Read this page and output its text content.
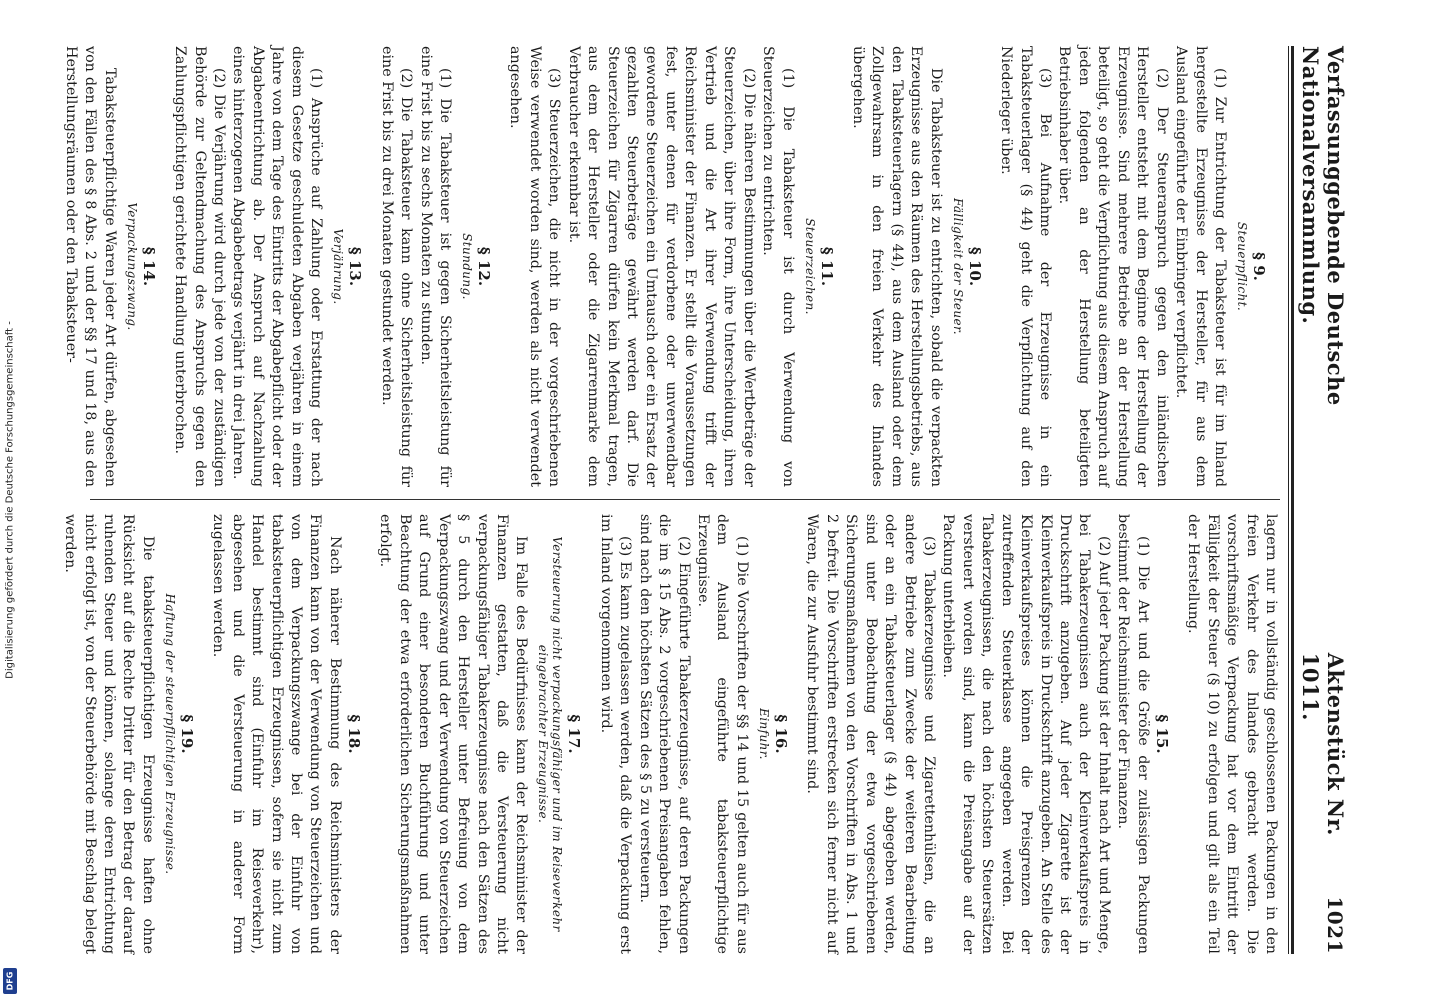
Verfassunggebende Deutsche Nationalversammlung.
Aktenstück Nr. 1011.
1021
§ 9.
Steuerpflicht.

(1) Zur Entrichtung der Tabaksteuer ist für im Inland hergestellte Erzeugnisse der Hersteller, für aus dem Ausland eingeführte der Einbringer verpflichtet.

(2) Der Steueranspruch gegen den inländischen Hersteller entsteht mit dem Beginne der Herstellung der Erzeugnisse. Sind mehrere Betriebe an der Herstellung beteiligt, so geht die Verpflichtung aus diesem Anspruch auf jeden folgenden an der Herstellung beteiligten Betriebsinhaber über.

(3) Bei Aufnahme der Erzeugnisse in ein Tabaksteuerlager (§ 44) geht die Verpflichtung auf den Niederleger über.

§ 10.
Fälligkeit der Steuer.

Die Tabaksteuer ist zu entrichten, sobald die verpackten Erzeugnisse aus den Räumen des Herstellungsbetriebs, aus den Tabaksteuerlagern (§ 44), aus dem Ausland oder dem Zollgewahrsam in den freien Verkehr des Inlandes übergehen.

§ 11.
Steuerzeichen.

(1) Die Tabaksteuer ist durch Verwendung von Steuerzeichen zu entrichten.

(2) Die näheren Bestimmungen über die Wertbeträge der Steuerzeichen, über ihre Form, ihre Unterscheidung, ihren Vertrieb und die Art ihrer Verwendung trifft der Reichsminister der Finanzen. Er stellt die Voraussetzungen fest, unter denen für verdorbene oder unverwendbar gewordene Steuerzeichen ein Umtausch oder ein Ersatz der gezahlten Steuerbeträge gewährt werden darf. Die Steuerzeichen für Zigarren dürfen kein Merkmal tragen, aus dem der Hersteller oder die Zigarrenmarke dem Verbraucher erkennbar ist.

(3) Steuerzeichen, die nicht in der vorgeschriebenen Weise verwendet worden sind, werden als nicht verwendet angesehen.

§ 12.
Stundung.

(1) Die Tabaksteuer ist gegen Sicherheitsleistung für eine Frist bis zu sechs Monaten zu stunden.

(2) Die Tabaksteuer kann ohne Sicherheitsleistung für eine Frist bis zu drei Monaten gestundet werden.

§ 13.
Verjährung.

(1) Ansprüche auf Zahlung oder Erstattung der nach diesem Gesetze geschuldeten Abgaben verjähren in einem Jahre von dem Tage des Eintritts der Abgabepflicht oder der Abgabeentrichtung ab. Der Anspruch auf Nachzahlung eines hinterzogenen Abgabebetrags verjährt in drei Jahren.

(2) Die Verjährung wird durch jede von der zuständigen Behörde zur Geltendmachung des Anspruchs gegen den Zahlungspflichtigen gerichtete Handlung unterbrochen.

§ 14.
Verpackungszwang.

Tabaksteuerpflichtige Waren jeder Art dürfen, abgesehen von den Fällen des § 8 Abs. 2 und der §§ 17 und 18, aus den Herstellungsräumen oder den Tabaksteuer-

lagern nur in vollständig geschlossenen Packungen in den freien Verkehr des Inlandes gebracht werden. Die vorschriftsmäßige Verpackung hat vor dem Eintritt der Fälligkeit der Steuer (§ 10) zu erfolgen und gilt als ein Teil der Herstellung.

§ 15.

(1) Die Art und die Größe der zulässigen Packungen bestimmt der Reichsminister der Finanzen.

(2) Auf jeder Packung ist der Inhalt nach Art und Menge, bei Tabakerzeugnissen auch der Kleinverkaufspreis in Druckschrift anzugeben. Auf jeder Zigarette ist der Kleinverkaufspreis in Druckschrift anzugeben. An Stelle des Kleinverkaufspreises können die Preisgrenzen der zutreffenden Steuerklasse angegeben werden. Bei Tabakerzeugnissen, die nach den höchsten Steuersätzen versteuert worden sind, kann die Preisangabe auf der Packung unterbleiben.

(3) Tabakerzeugnisse und Zigarettenhülsen, die an andere Betriebe zum Zwecke der weiteren Bearbeitung oder an ein Tabaksteuerlager (§ 44) abgegeben werden, sind unter Beobachtung der etwa vorgeschriebenen Sicherungsmaßnahmen von den Vorschriften in Abs. 1 und 2 befreit. Die Vorschriften erstrecken sich ferner nicht auf Waren, die zur Ausfuhr bestimmt sind.

§ 16.
Einfuhr.

(1) Die Vorschriften der §§ 14 und 15 gelten auch für aus dem Ausland eingeführte tabaksteuerpflichtige Erzeugnisse.

(2) Eingeführte Tabakerzeugnisse, auf deren Packungen die im § 15 Abs. 2 vorgeschriebenen Preisangaben fehlen, sind nach den höchsten Sätzen des § 5 zu versteuern.

(3) Es kann zugelassen werden, daß die Verpackung erst im Inland vorgenommen wird.

§ 17.
Versteuerung nicht verpackungsfähiger und im Reiseverkehr eingebrachter Erzeugnisse.

Im Falle des Bedürfnisses kann der Reichsminister der Finanzen gestatten, daß die Versteuerung nicht verpackungsfähiger Tabakerzeugnisse nach den Sätzen des § 5 durch den Hersteller unter Befreiung von dem Verpackungszwang und der Verwendung von Steuerzeichen auf Grund einer besonderen Buchführung und unter Beachtung der etwa erforderlichen Sicherungsmaßnahmen erfolgt.

§ 18.

Nach näherer Bestimmung des Reichsministers der Finanzen kann von der Verwendung von Steuerzeichen und von dem Verpackungszwange bei der Einfuhr von tabaksteuerpflichtigen Erzeugnissen, sofern sie nicht zum Handel bestimmt sind (Einfuhr im Reiseverkehr), abgesehen und die Versteuerung in anderer Form zugelassen werden.

§ 19.
Haftung der steuerpflichtigen Erzeugnisse.

Die tabaksteuerpflichtigen Erzeugnisse haften ohne Rücksicht auf die Rechte Dritter für den Betrag der darauf ruhenden Steuer und können, solange deren Entrichtung nicht erfolgt ist, von der Steuerbehörde mit Beschlag belegt werden.

Digitalisierung gefördert durch die Deutsche Forschungsgemeinschaft -
DFG
